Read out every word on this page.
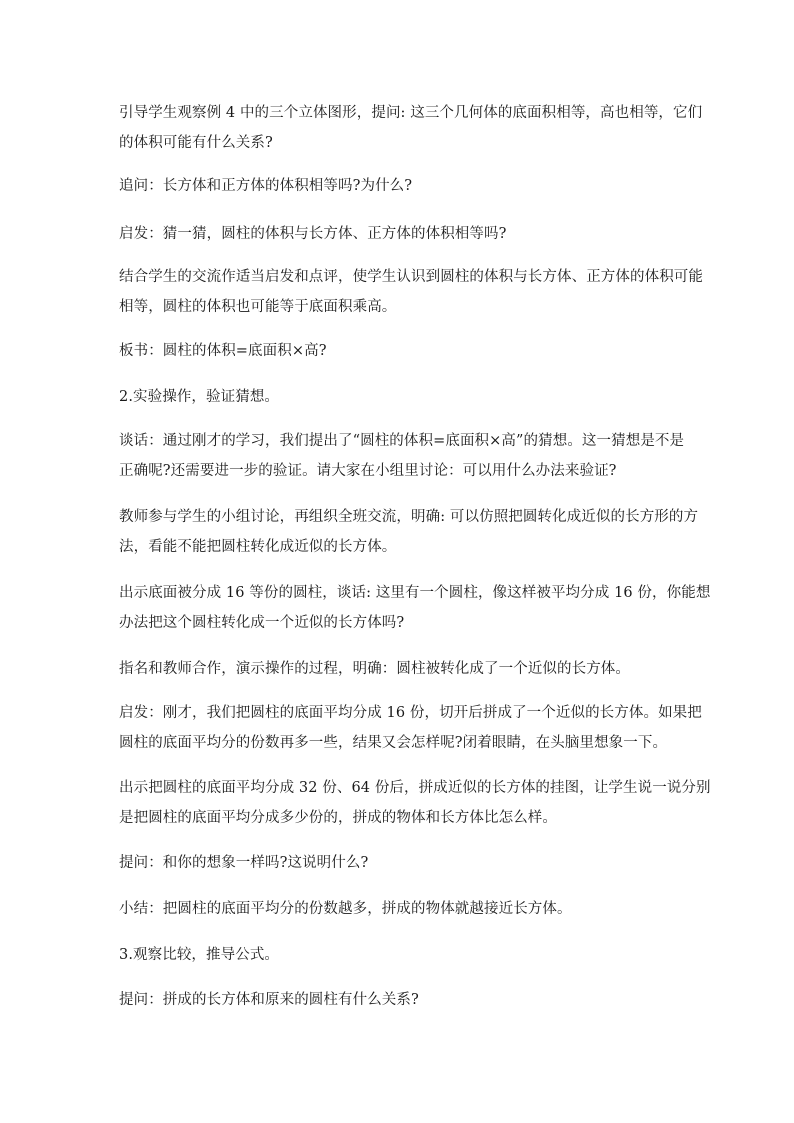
引导学生观察例 4 中的三个立体图形，提问: 这三个几何体的底面积相等，高也相等，它们
的体积可能有什么关系?
追问：长方体和正方体的体积相等吗?为什么?
启发：猜一猜，圆柱的体积与长方体、正方体的体积相等吗?
结合学生的交流作适当启发和点评，使学生认识到圆柱的体积与长方体、正方体的体积可能
相等，圆柱的体积也可能等于底面积乘高。
板书：圆柱的体积=底面积×高?
2.实验操作，验证猜想。
谈话：通过刚才的学习，我们提出了“圆柱的体积=底面积×高”的猜想。这一猜想是不是
正确呢?还需要进一步的验证。请大家在小组里讨论：可以用什么办法来验证?
教师参与学生的小组讨论，再组织全班交流，明确: 可以仿照把圆转化成近似的长方形的方
法，看能不能把圆柱转化成近似的长方体。
出示底面被分成 16 等份的圆柱，谈话: 这里有一个圆柱，像这样被平均分成 16 份，你能想
办法把这个圆柱转化成一个近似的长方体吗?
指名和教师合作，演示操作的过程，明确：圆柱被转化成了一个近似的长方体。
启发：刚才，我们把圆柱的底面平均分成 16 份，切开后拼成了一个近似的长方体。如果把
圆柱的底面平均分的份数再多一些，结果又会怎样呢?闭着眼睛，在头脑里想象一下。
出示把圆柱的底面平均分成 32 份、64 份后，拼成近似的长方体的挂图，让学生说一说分别
是把圆柱的底面平均分成多少份的，拼成的物体和长方体比怎么样。
提问：和你的想象一样吗?这说明什么?
小结：把圆柱的底面平均分的份数越多，拼成的物体就越接近长方体。
3.观察比较，推导公式。
提问：拼成的长方体和原来的圆柱有什么关系?
